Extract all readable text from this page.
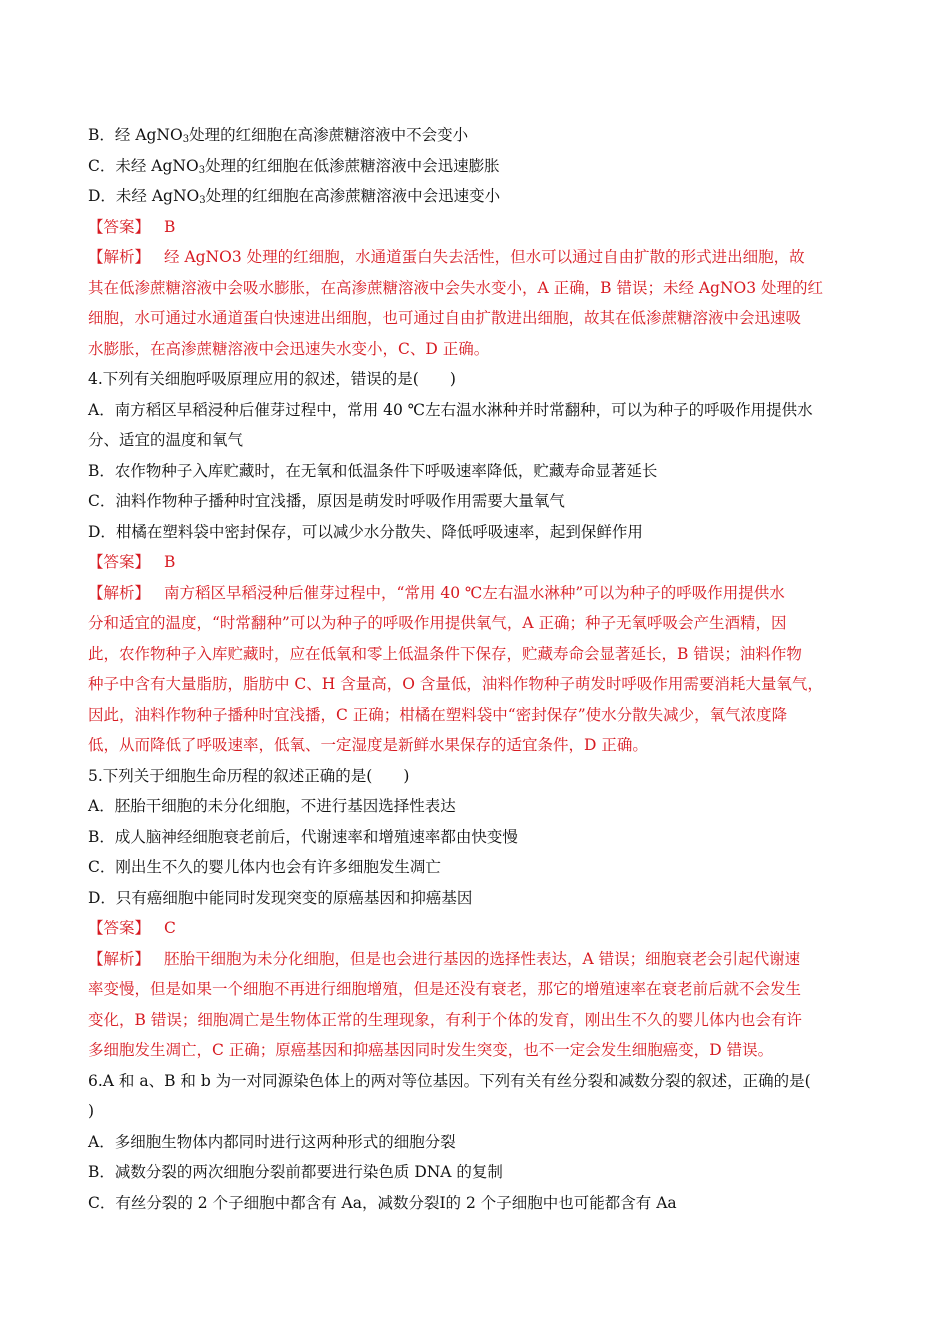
B．经 AgNO$_3$处理的红细胞在高渗蔗糖溶液中不会变小
C．未经 AgNO$_3$处理的红细胞在低渗蔗糖溶液中会迅速膨胀
D．未经 AgNO$_3$处理的红细胞在高渗蔗糖溶液中会迅速变小
【答案】 B
【解析】 经 AgNO3 处理的红细胞，水通道蛋白失去活性，但水可以通过自由扩散的形式进出细胞，故
其在低渗蔗糖溶液中会吸水膨胀，在高渗蔗糖溶液中会失水变小，A 正确，B 错误；未经 AgNO3 处理的红
细胞，水可通过水通道蛋白快速进出细胞，也可通过自由扩散进出细胞，故其在低渗蔗糖溶液中会迅速吸
水膨胀，在高渗蔗糖溶液中会迅速失水变小，C、D 正确。
4.下列有关细胞呼吸原理应用的叙述，错误的是(　　)
A．南方稻区早稻浸种后催芽过程中，常用 40 ℃左右温水淋种并时常翻种，可以为种子的呼吸作用提供水
分、适宜的温度和氧气
B．农作物种子入库贮藏时，在无氧和低温条件下呼吸速率降低，贮藏寿命显著延长
C．油料作物种子播种时宜浅播，原因是萌发时呼吸作用需要大量氧气
D．柑橘在塑料袋中密封保存，可以减少水分散失、降低呼吸速率，起到保鲜作用
【答案】 B
【解析】 南方稻区早稻浸种后催芽过程中，“常用 40 ℃左右温水淋种”可以为种子的呼吸作用提供水
分和适宜的温度，“时常翻种”可以为种子的呼吸作用提供氧气，A 正确；种子无氧呼吸会产生酒精，因
此，农作物种子入库贮藏时，应在低氧和零上低温条件下保存，贮藏寿命会显著延长，B 错误；油料作物
种子中含有大量脂肪，脂肪中 C、H 含量高，O 含量低，油料作物种子萌发时呼吸作用需要消耗大量氧气，
因此，油料作物种子播种时宜浅播，C 正确；柑橘在塑料袋中“密封保存”使水分散失减少，氧气浓度降
低，从而降低了呼吸速率，低氧、一定湿度是新鲜水果保存的适宜条件，D 正确。
5.下列关于细胞生命历程的叙述正确的是(　　)
A．胚胎干细胞的未分化细胞，不进行基因选择性表达
B．成人脑神经细胞衰老前后，代谢速率和增殖速率都由快变慢
C．刚出生不久的婴儿体内也会有许多细胞发生凋亡
D．只有癌细胞中能同时发现突变的原癌基因和抑癌基因
【答案】 C
【解析】 胚胎干细胞为未分化细胞，但是也会进行基因的选择性表达，A 错误；细胞衰老会引起代谢速
率变慢，但是如果一个细胞不再进行细胞增殖，但是还没有衰老，那它的增殖速率在衰老前后就不会发生
变化，B 错误；细胞凋亡是生物体正常的生理现象，有利于个体的发育，刚出生不久的婴儿体内也会有许
多细胞发生凋亡，C 正确；原癌基因和抑癌基因同时发生突变，也不一定会发生细胞癌变，D 错误。
6.A 和 a、B 和 b 为一对同源染色体上的两对等位基因。下列有关有丝分裂和减数分裂的叙述，正确的是(
)
A．多细胞生物体内都同时进行这两种形式的细胞分裂
B．减数分裂的两次细胞分裂前都要进行染色质 DNA 的复制
C．有丝分裂的 2 个子细胞中都含有 Aa，减数分裂Ⅰ的 2 个子细胞中也可能都含有 Aa
